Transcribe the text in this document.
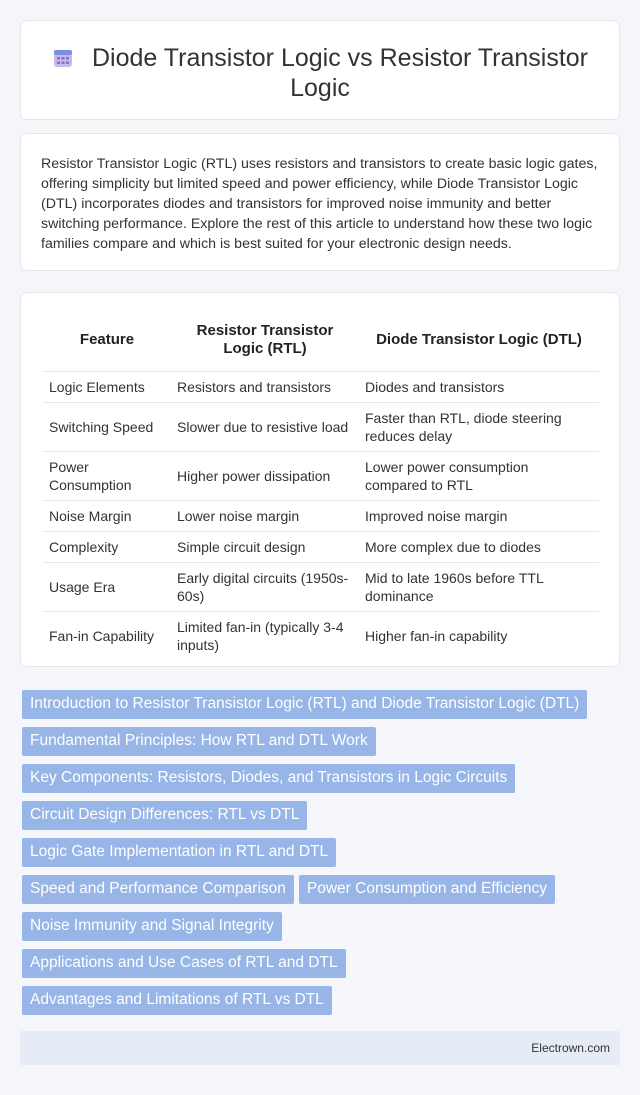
Diode Transistor Logic vs Resistor Transistor Logic

Resistor Transistor Logic (RTL) uses resistors and transistors to create basic logic gates, offering simplicity but limited speed and power efficiency, while Diode Transistor Logic (DTL) incorporates diodes and transistors for improved noise immunity and better switching performance. Explore the rest of this article to understand how these two logic families compare and which is best suited for your electronic design needs.

Feature	Resistor Transistor Logic (RTL)	Diode Transistor Logic (DTL)
Logic Elements	Resistors and transistors	Diodes and transistors
Switching Speed	Slower due to resistive load	Faster than RTL, diode steering reduces delay
Power Consumption	Higher power dissipation	Lower power consumption compared to RTL
Noise Margin	Lower noise margin	Improved noise margin
Complexity	Simple circuit design	More complex due to diodes
Usage Era	Early digital circuits (1950s-60s)	Mid to late 1960s before TTL dominance
Fan-in Capability	Limited fan-in (typically 3-4 inputs)	Higher fan-in capability
Introduction to Resistor Transistor Logic (RTL) and Diode Transistor Logic (DTL)
Fundamental Principles: How RTL and DTL Work
Key Components: Resistors, Diodes, and Transistors in Logic Circuits
Circuit Design Differences: RTL vs DTL
Logic Gate Implementation in RTL and DTL
Speed and Performance Comparison Power Consumption and Efficiency
Noise Immunity and Signal Integrity
Applications and Use Cases of RTL and DTL
Advantages and Limitations of RTL vs DTL
Electrown.com
